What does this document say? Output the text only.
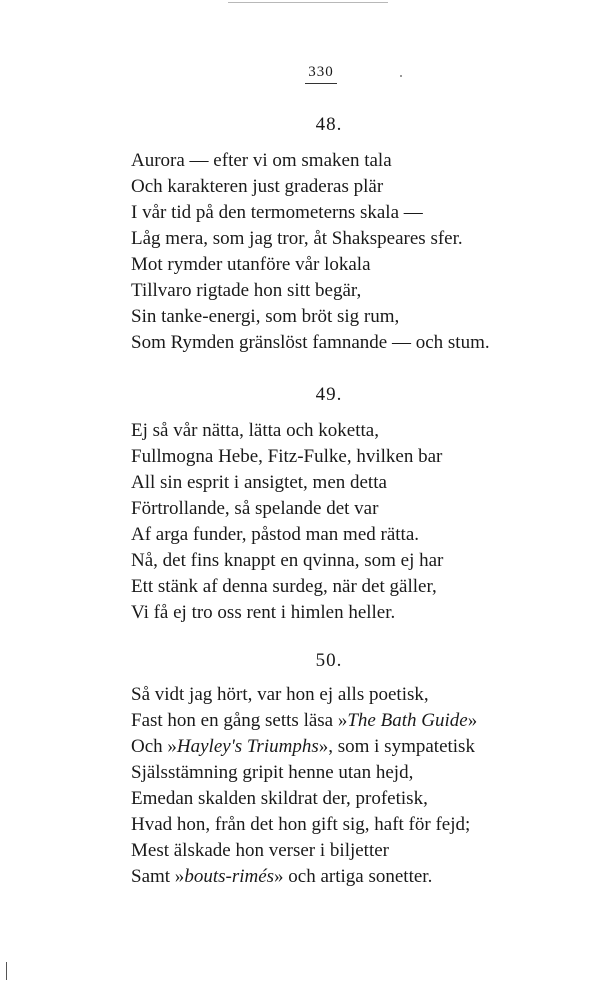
330
48.
Aurora — efter vi om smaken tala
Och karakteren just graderas plär
I vår tid på den termometerns skala —
Låg mera, som jag tror, åt Shakspeares sfer.
Mot rymder utanföre vår lokala
Tillvaro rigtade hon sitt begär,
Sin tanke-energi, som bröt sig rum,
Som Rymden gränslöst famnande — och stum.
49.
Ej så vår nätta, lätta och koketta,
Fullmogna Hebe, Fitz-Fulke, hvilken bar
All sin esprit i ansigtet, men detta
Förtrollande, så spelande det var
Af arga funder, påstod man med rätta.
Nå, det fins knappt en qvinna, som ej har
Ett stänk af denna surdeg, när det gäller,
Vi få ej tro oss rent i himlen heller.
50.
Så vidt jag hört, var hon ej alls poetisk,
Fast hon en gång setts läsa »The Bath Guide»
Och »Hayley's Triumphs», som i sympatetisk
Själsstämning gripit henne utan hejd,
Emedan skalden skildrat der, profetisk,
Hvad hon, från det hon gift sig, haft för fejd;
Mest älskade hon verser i biljetter
Samt »bouts-rimés» och artiga sonetter.
